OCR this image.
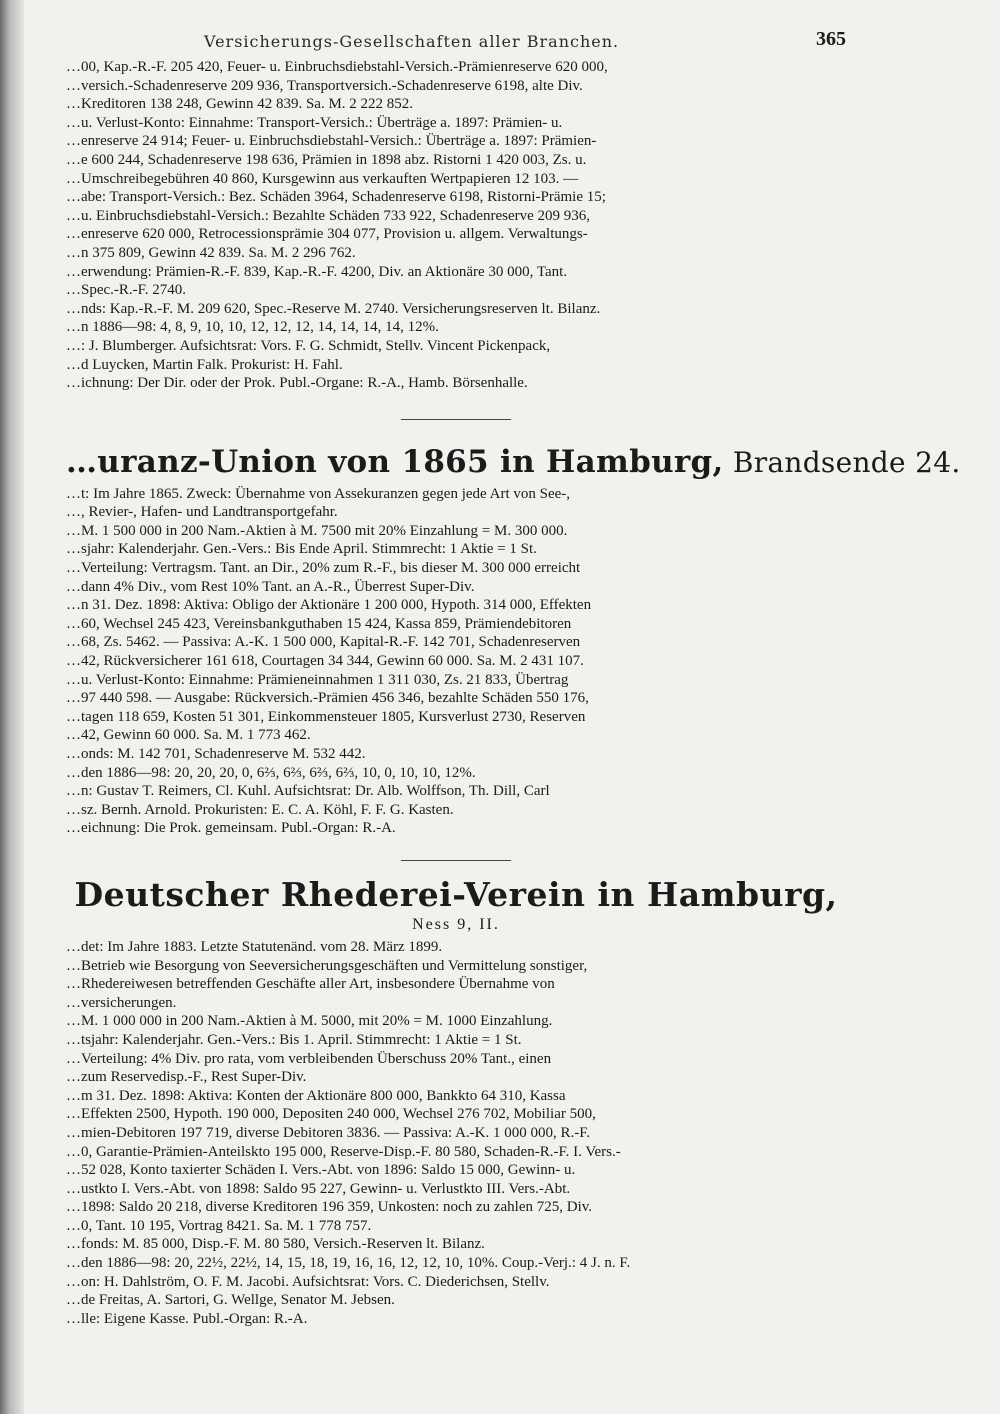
Versicherungs-Gesellschaften aller Branchen.	365

…00, Kap.-R.-F. 205 420, Feuer- u. Einbruchsdiebstahl-Versich.-Prämienreserve 620 000,

…versich.-Schadenreserve 209 936, Transportversich.-Schadenreserve 6198, alte Div.

…Kreditoren 138 248, Gewinn 42 839. Sa. M. 2 222 852.

…u. Verlust-Konto: Einnahme: Transport-Versich.: Überträge a. 1897: Prämien- u.

…enreserve 24 914; Feuer- u. Einbruchsdiebstahl-Versich.: Überträge a. 1897: Prämien-

…e 600 244, Schadenreserve 198 636, Prämien in 1898 abz. Ristorni 1 420 003, Zs. u.

…Umschreibegebühren 40 860, Kursgewinn aus verkauften Wertpapieren 12 103. —

…abe: Transport-Versich.: Bez. Schäden 3964, Schadenreserve 6198, Ristorni-Prämie 15;

…u. Einbruchsdiebstahl-Versich.: Bezahlte Schäden 733 922, Schadenreserve 209 936,

…enreserve 620 000, Retrocessionsprämie 304 077, Provision u. allgem. Verwaltungs-

…n 375 809, Gewinn 42 839. Sa. M. 2 296 762.

…erwendung: Prämien-R.-F. 839, Kap.-R.-F. 4200, Div. an Aktionäre 30 000, Tant.

…Spec.-R.-F. 2740.

…nds: Kap.-R.-F. M. 209 620, Spec.-Reserve M. 2740. Versicherungsreserven lt. Bilanz.

…n 1886—98: 4, 8, 9, 10, 10, 12, 12, 12, 14, 14, 14, 14, 12%.

…: J. Blumberger. Aufsichtsrat: Vors. F. G. Schmidt, Stellv. Vincent Pickenpack,

…d Luycken, Martin Falk. Prokurist: H. Fahl.

…ichnung: Der Dir. oder der Prok. Publ.-Organe: R.-A., Hamb. Börsenhalle.

…uranz-Union von 1865 in Hamburg, Brandsende 24.

…t: Im Jahre 1865. Zweck: Übernahme von Assekuranzen gegen jede Art von See-,

…, Revier-, Hafen- und Landtransportgefahr.

…M. 1 500 000 in 200 Nam.-Aktien à M. 7500 mit 20% Einzahlung = M. 300 000.

…sjahr: Kalenderjahr. Gen.-Vers.: Bis Ende April. Stimmrecht: 1 Aktie = 1 St.

…Verteilung: Vertragsm. Tant. an Dir., 20% zum R.-F., bis dieser M. 300 000 erreicht

…dann 4% Div., vom Rest 10% Tant. an A.-R., Überrest Super-Div.

…n 31. Dez. 1898: Aktiva: Obligo der Aktionäre 1 200 000, Hypoth. 314 000, Effekten

…60, Wechsel 245 423, Vereinsbankguthaben 15 424, Kassa 859, Prämiendebitoren

…68, Zs. 5462. — Passiva: A.-K. 1 500 000, Kapital-R.-F. 142 701, Schadenreserven

…42, Rückversicherer 161 618, Courtagen 34 344, Gewinn 60 000. Sa. M. 2 431 107.

…u. Verlust-Konto: Einnahme: Prämieneinnahmen 1 311 030, Zs. 21 833, Übertrag

…97 440 598. — Ausgabe: Rückversich.-Prämien 456 346, bezahlte Schäden 550 176,

…tagen 118 659, Kosten 51 301, Einkommensteuer 1805, Kursverlust 2730, Reserven

…42, Gewinn 60 000. Sa. M. 1 773 462.

…onds: M. 142 701, Schadenreserve M. 532 442.

…den 1886—98: 20, 20, 20, 0, 6⅔, 6⅔, 6⅔, 6⅔, 10, 0, 10, 10, 12%.

…n: Gustav T. Reimers, Cl. Kuhl. Aufsichtsrat: Dr. Alb. Wolffson, Th. Dill, Carl

…sz. Bernh. Arnold. Prokuristen: E. C. A. Köhl, F. F. G. Kasten.

…eichnung: Die Prok. gemeinsam. Publ.-Organ: R.-A.

Deutscher Rhederei-Verein in Hamburg,
Ness 9, II.

…det: Im Jahre 1883. Letzte Statutenänd. vom 28. März 1899.

…Betrieb wie Besorgung von Seeversicherungsgeschäften und Vermittelung sonstiger,

…Rhedereiwesen betreffenden Geschäfte aller Art, insbesondere Übernahme von

…versicherungen.

…M. 1 000 000 in 200 Nam.-Aktien à M. 5000, mit 20% = M. 1000 Einzahlung.

…tsjahr: Kalenderjahr. Gen.-Vers.: Bis 1. April. Stimmrecht: 1 Aktie = 1 St.

…Verteilung: 4% Div. pro rata, vom verbleibenden Überschuss 20% Tant., einen

…zum Reservedisp.-F., Rest Super-Div.

…m 31. Dez. 1898: Aktiva: Konten der Aktionäre 800 000, Bankkto 64 310, Kassa

…Effekten 2500, Hypoth. 190 000, Depositen 240 000, Wechsel 276 702, Mobiliar 500,

…mien-Debitoren 197 719, diverse Debitoren 3836. — Passiva: A.-K. 1 000 000, R.-F.

…0, Garantie-Prämien-Anteilskto 195 000, Reserve-Disp.-F. 80 580, Schaden-R.-F. I. Vers.-

…52 028, Konto taxierter Schäden I. Vers.-Abt. von 1896: Saldo 15 000, Gewinn- u.

…ustkto I. Vers.-Abt. von 1898: Saldo 95 227, Gewinn- u. Verlustkto III. Vers.-Abt.

…1898: Saldo 20 218, diverse Kreditoren 196 359, Unkosten: noch zu zahlen 725, Div.

…0, Tant. 10 195, Vortrag 8421. Sa. M. 1 778 757.

…fonds: M. 85 000, Disp.-F. M. 80 580, Versich.-Reserven lt. Bilanz.

…den 1886—98: 20, 22½, 22½, 14, 15, 18, 19, 16, 16, 12, 12, 10, 10%. Coup.-Verj.: 4 J. n. F.

…on: H. Dahlström, O. F. M. Jacobi. Aufsichtsrat: Vors. C. Diederichsen, Stellv.

…de Freitas, A. Sartori, G. Wellge, Senator M. Jebsen.

…lle: Eigene Kasse. Publ.-Organ: R.-A.
